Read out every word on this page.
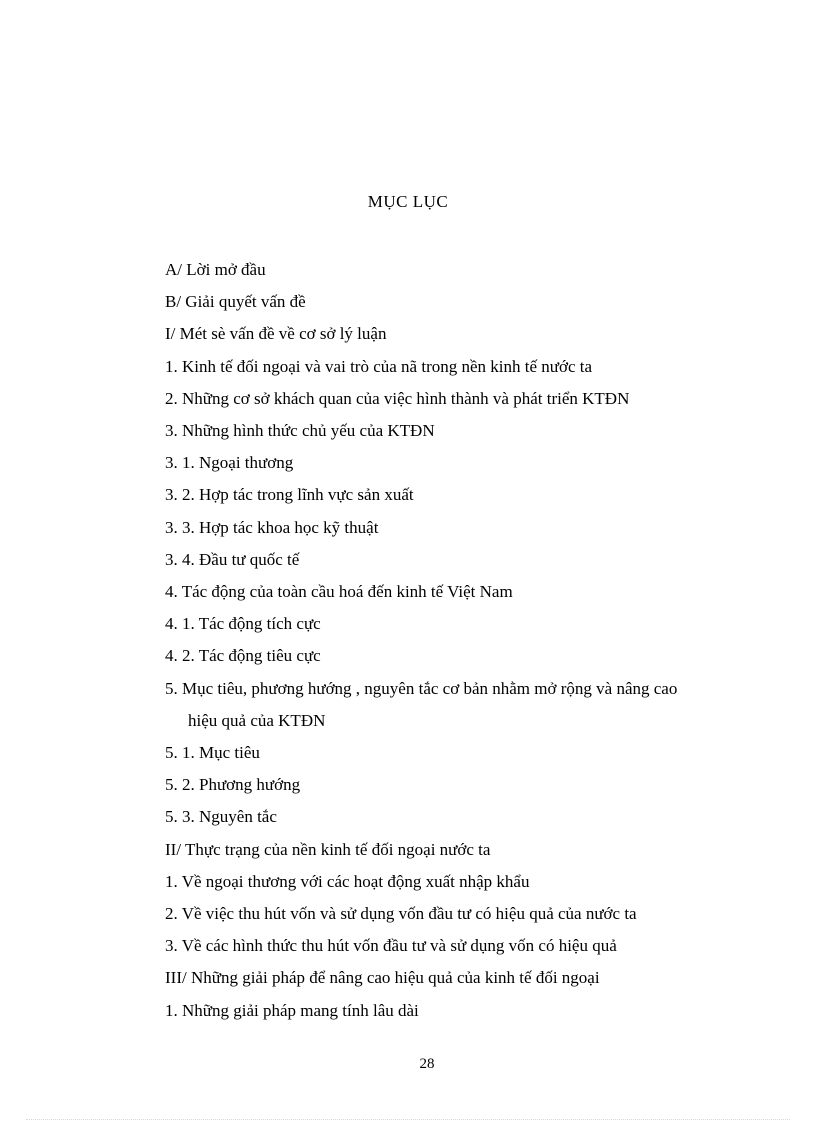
MỤC LỤC
A/ Lời mở đầu
B/ Giải quyết vấn đề
I/ Mét sè vấn đề về cơ sở lý luận
1. Kinh tế đối ngoại và vai trò của nã trong nền kinh tế nước ta
2. Những cơ sở khách quan của việc hình thành và phát triển KTĐN
3. Những hình thức chủ yếu của KTĐN
3. 1. Ngoại thương
3. 2. Hợp tác trong lĩnh vực sản xuất
3. 3. Hợp tác khoa học kỹ thuật
3. 4. Đầu tư quốc tế
4. Tác động của toàn cầu hoá đến kinh tế Việt Nam
4. 1. Tác động tích cực
4. 2. Tác động tiêu cực
5. Mục tiêu, phương hướng , nguyên tắc cơ bản nhằm mở rộng và nâng cao
hiệu quả của KTĐN
5. 1. Mục tiêu
5. 2. Phương hướng
5. 3. Nguyên tắc
II/ Thực trạng của nền kinh tế đối ngoại nước ta
1. Về ngoại thương với các hoạt động xuất nhập khẩu
2. Về việc thu hút vốn và sử dụng vốn đầu tư có hiệu quả của nước ta
3. Về các hình thức thu hút vốn đầu tư và sử dụng vốn có hiệu quả
III/ Những giải pháp để nâng cao hiệu quả của kinh tế đối ngoại
1. Những giải pháp mang tính lâu dài
28
